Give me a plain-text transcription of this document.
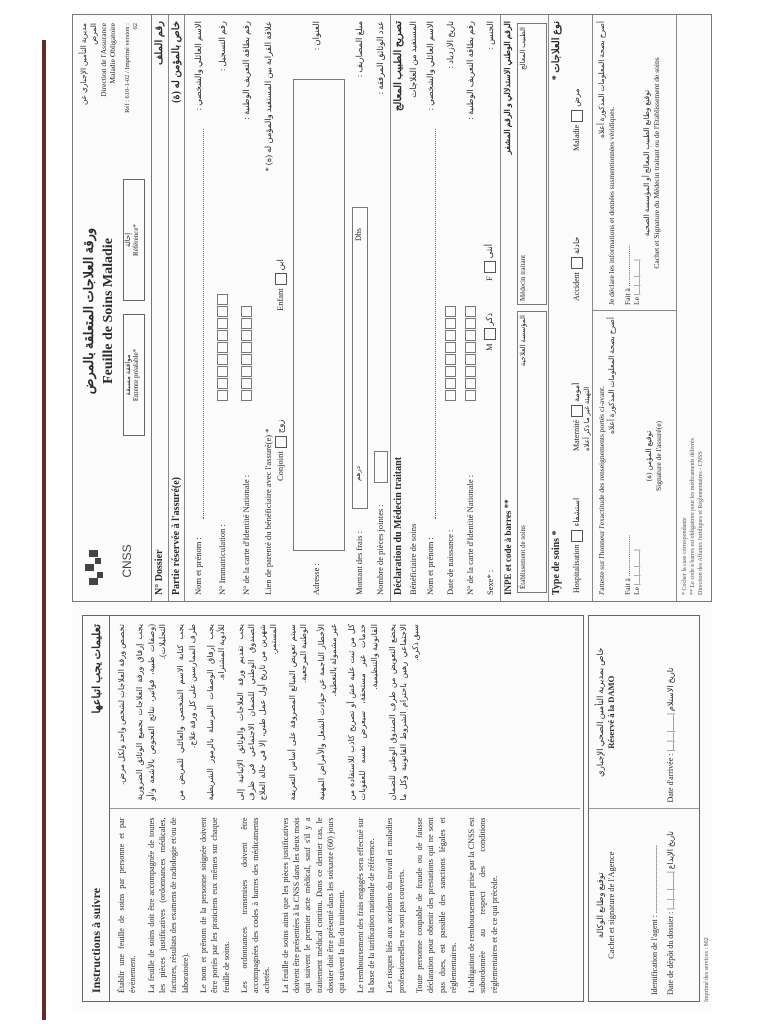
Instructions à suivre
تعليمات يجب اتباعها

Établir une feuille de soins par personne et par événement. La feuille de soins doit être accompagnée de toutes les pièces justificatives (ordonnances médicales, factures, résultats des examens de radiologie et/ou de laboratoire). Le nom et prénom de la personne soignée doivent être portés par les praticiens eux mêmes sur chaque feuille de soins. Les ordonnances transmises doivent être accompagnées des codes à barres des médicaments achetés. La feuille de soins ainsi que les pièces justificatives doivent être présentées à la CNSS dans les deux mois qui suivent le premier acte médical, sauf s'il y a traitement médical continu. Dans ce dernier cas, le dossier doit être présenté dans les soixante (60) jours qui suivent la fin du traitement. Le remboursement des frais engagés sera effectué sur la base de la tarification nationale de référence. Les risques liés aux accidents du travail et maladies professionnelles ne sont pas couverts. Toute personne coupable de fraude ou de fausse déclaration pour obtenir des prestations qui ne sont pas dues, est passible des sanctions légales et réglementaires. L'obligation de remboursement prise par la CNSS est subordonnée au respect des conditions réglementaires et de ce qui précède.

تخصص ورقة العلاجات لشخص واحد ولكل مرض. يجب إرفاق ورقة العلاجات بجميع الوثائق الضرورية (وصفات طبية، فواتير، نتائج الفحوص بالأشعة و/أو التحليلات). يجب كتابة الاسم الشخصي والعائلي للمريض من طرف الممارسين على كل ورقة علاج. يجب إرفاق الوصفات المرسلة بالرموز الشريطية للأدوية المشتراة. يجب تقديم ورقة العلاجات والوثائق الإثباتية إلى الصندوق الوطني للضمان الاجتماعي في ظرف شهرين من تاريخ أول عمل طبي، إلا في حالة العلاج المستمر. سيتم تعويض المبالغ المصروفة على أساس التعريفة الوطنية المرجعية. الأخطار الناجمة عن حوادث الشغل والأمراض المهنية غير مشمولة بالتغطية. كل من ثبت عليه غش أو تصريح كاذب للاستفادة من خدمات غير مستحقة، سيعرض نفسه للعقوبات القانونية والتنظيمية. يخضع التعويض من طرف الصندوق الوطني للضمان الاجتماعي رهين باحترام الشروط القانونية وكل ما سبق ذكره.

توقيع وطابع الوكالة Cachet et signature de l'Agence	Identification de l'agent : ..................................
Date de dépôt du dossier : |__|__|____| تاريخ الإيداع
خاص بمديرية التأمين الصحي الإجباري Réservé à la DAMO

Date d'arrivée : |__|__|____| تاريخ الاستلام
Imprimé des services : 802
CNSS
ورقة العلاجات المتعلقة بالمرض Feuille de Soins Maladie موافقة مسبقة Entente préalable*
إحالة Référence*
مديرية التأمين الإجباري عن المرض Direction de l'Assurance Maladie Obligatoire Réf : 610-1-02 / Imprimé version : 02
N° Dossier
رقم الملف
Partie réservée à l'assuré(e)
خاص بالمؤمن له (ة)
Nom et prénom :
الاسم العائلي والشخصي :
N° Immatriculation :
رقم التسجيل :
N° de la carte d'Identité Nationale :
رقم بطاقة التعريف الوطنية :
Lien de parenté du bénéficiaire avec l'assuré(e) *
علاقة القرابة بين المستفيد والمؤمن له (ة) *
Conjointزوج
Enfantابن
Adresse :
العنوان :
Montant des frais :
درهم
Dhs
مبلغ المصاريف :
Nombre de pièces jointes :
عدد الوثائق المرفقة :
Déclaration du Médecin traitant
تصريح الطبيب المعالج
Bénéficiaire de soins
المستفيد من العلاجات
Nom et prénom :
الاسم العائلي والشخصي :
Date de naissance :
تاريخ الازدياد :
N° de la carte d'Identité Nationale :
رقم بطاقة التعريف الوطنية :
Sexe* :
Mذكر
Fأنثى
الجنس :
INPE et code à barres **
الرقم الوطني الاستدلالي و الرقم المشفر
Établissement de soins
المؤسسة العلاجية
Médecin traitant
الطبيب المعالج
Type de soins *
نوع العلاجات *
Hospitalisationاستشفاء
Maternitéأمومة
Accidentحادثة
Maladieمرض
التهيئة غير ما ذكر أعلاه J'atteste sur l'honneur l'exactitude des renseignements portés ci-avant.
أصرح بصحة المعلومات المذكورة أعلاه
Fait à ......................
Le |__|__|____|
توقيع المؤمن (ة) Signature de l'assuré(e)
أصرح بصحة المعلومات المذكورة أعلاه
Je déclare les informations et données susmentionnées véridiques. Fait à ......................
Le |__|__|____|
توقيع وطابع الطبيب المعالج أو المؤسسة الصحية Cachet et Signature du Médecin traitant ou de l'Etablissement de soins
* Cocher la case correspondante ** Le code à barres est obligatoire pour les médicaments délivrés Direction des Affaires Juridiques et Réglementaires - CNSS
